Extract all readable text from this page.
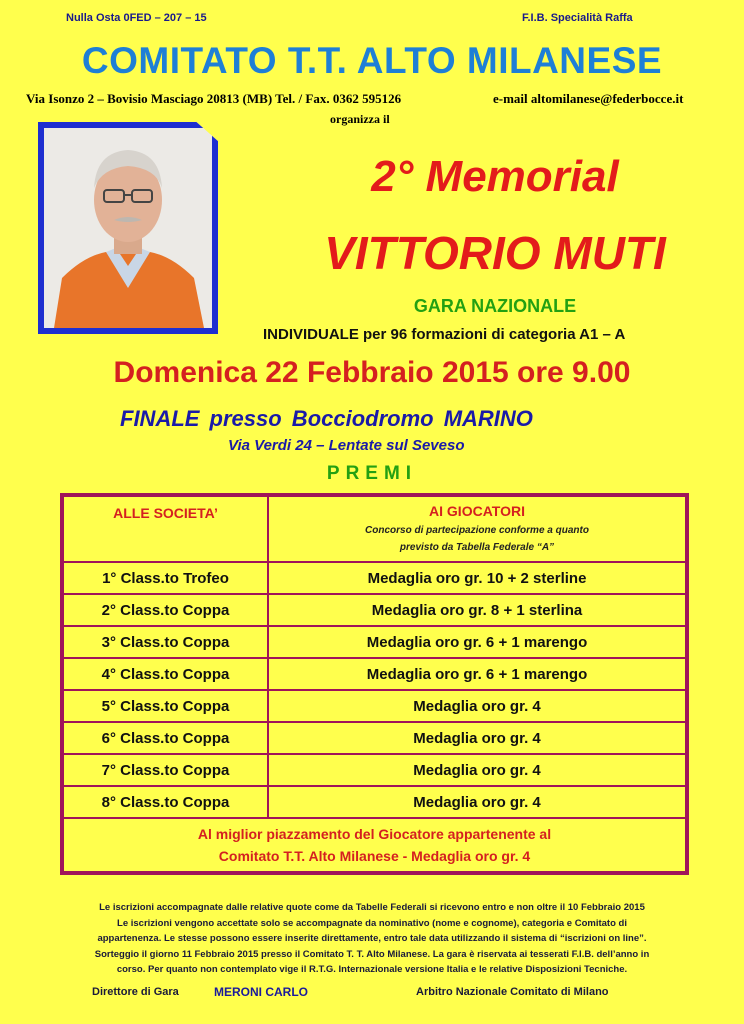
Nulla Osta 0FED – 207 – 15	F.I.B. Specialità Raffa
COMITATO T.T. ALTO MILANESE
Via Isonzo 2 – Bovisio Masciago 20813 (MB) Tel. / Fax. 0362 595126	e-mail altomilanese@federbocce.it
organizza il
2° Memorial
VITTORIO MUTI
GARA NAZIONALE
INDIVIDUALE per 96 formazioni di categoria A1 – A
Domenica 22 Febbraio 2015 ore 9.00
FINALE presso Bocciodromo MARINO
Via Verdi 24 – Lentate sul Seveso
PREMI
ALLE SOCIETA’	AI GIOCATORI
Concorso di partecipazione conforme a quanto
previsto da Tabella Federale “A”

1° Class.to Trofeo	Medaglia oro gr. 10 + 2 sterline
2° Class.to Coppa	Medaglia oro gr. 8 + 1 sterlina
3° Class.to Coppa	Medaglia oro gr. 6 + 1 marengo
4° Class.to Coppa	Medaglia oro gr. 6 + 1 marengo
5° Class.to Coppa	Medaglia oro gr. 4
6° Class.to Coppa	Medaglia oro gr. 4
7° Class.to Coppa	Medaglia oro gr. 4
8° Class.to Coppa	Medaglia oro gr. 4

Al miglior piazzamento del Giocatore appartenente al
Comitato T.T. Alto Milanese - Medaglia oro gr. 4	
Le iscrizioni accompagnate dalle relative quote come da Tabelle Federali si ricevono entro e non oltre il 10 Febbraio 2015
Le iscrizioni vengono accettate solo se accompagnate da nominativo (nome e cognome), categoria e Comitato di
appartenenza. Le stesse possono essere inserite direttamente, entro tale data utilizzando il sistema di “iscrizioni on line”.
Sorteggio il giorno 11 Febbraio 2015 presso il Comitato T. T. Alto Milanese. La gara è riservata ai tesserati F.I.B. dell’anno in
corso. Per quanto non contemplato vige il R.T.G. Internazionale versione Italia e le relative Disposizioni Tecniche.
Direttore di Gara	MERONI CARLO	Arbitro Nazionale Comitato di Milano
